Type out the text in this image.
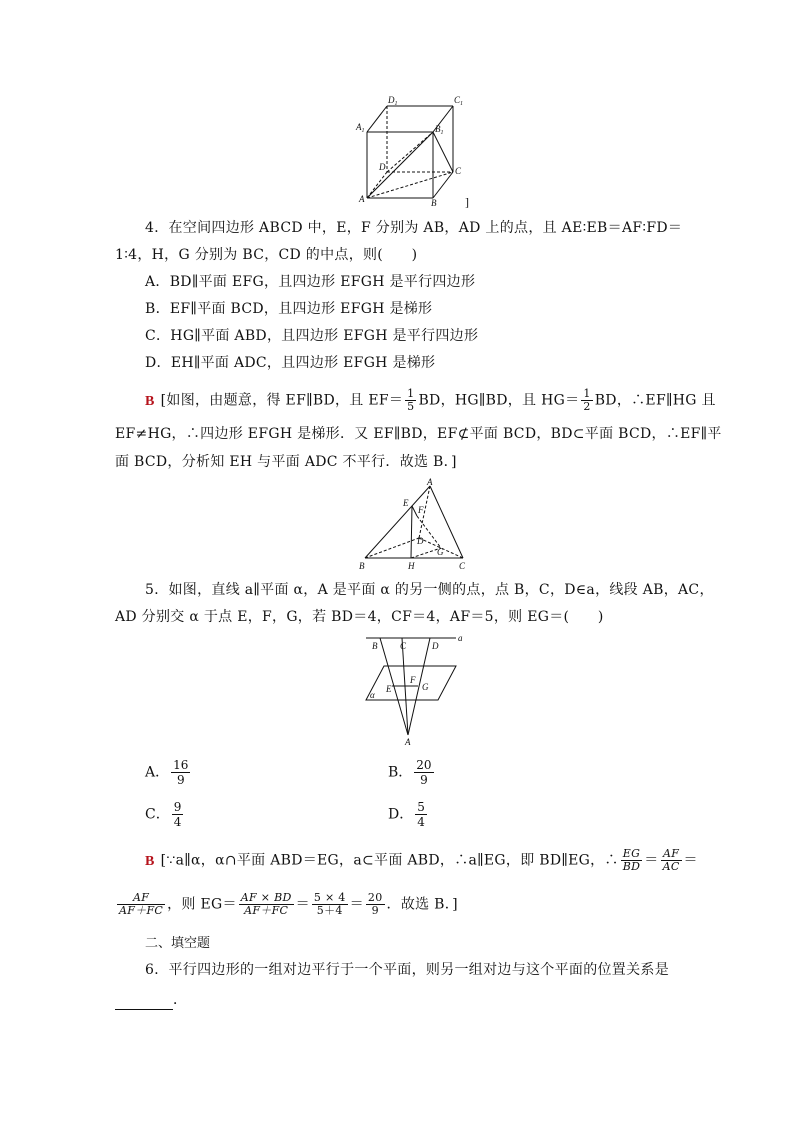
$D_1$	$C_1$
$A_1$	$B_1$
D	C
A	B ]
4．在空间四边形 ABCD 中，E，F 分别为 AB，AD 上的点，且 AE∶EB＝AF∶FD＝
1∶4，H，G 分别为 BC，CD 的中点，则(　　)
A．BD∥平面 EFG，且四边形 EFGH 是平行四边形
B．EF∥平面 BCD，且四边形 EFGH 是梯形
C．HG∥平面 ABD，且四边形 EFGH 是平行四边形
D．EH∥平面 ADC，且四边形 EFGH 是梯形
B [如图，由题意，得 EF∥BD，且 $EF= \frac{1}{5}$ BD，HG∥BD，且 $HG= \frac{1}{2}$ BD，∴EF∥HG 且
EF≠HG，∴四边形 EFGH 是梯形．又 EF∥BD，EF⊄平面 BCD，BD⊂平面 BCD，∴EF∥平
面 BCD，分析知 EH 与平面 ADC 不平行．故选 B．]
A
E
F
D
G
B	H	C
5．如图，直线 a∥平面 α，A 是平面 α 的另一侧的点，点 B，C，D∈a，线段 AB，AC，
AD 分别交 α 于点 E，F，G，若 BD＝4，CF＝4，AF＝5，则 EG＝(　　)
B	C	D
a
F
G
E
α
A
A． $\frac{16}{9}$	B． $\frac{20}{9}$
C． $\frac{9}{4}$	D． $\frac{5}{4}$
B [∵a∥α，α∩平面 ABD＝EG，a⊂平面 ABD，∴a∥EG，即 BD∥EG，∴ $\frac{EG}{BD} = \frac{AF}{AC}$ ＝
$\frac{AF}{AF+FC}$ ，则 $EG= \frac{AF \times BD}{AF+FC} = \frac{5 \times 4}{5+4} = \frac{20}{9}$ ．故选 B．]
二、填空题
6．平行四边形的一组对边平行于一个平面，则另一组对边与这个平面的位置关系是
．
